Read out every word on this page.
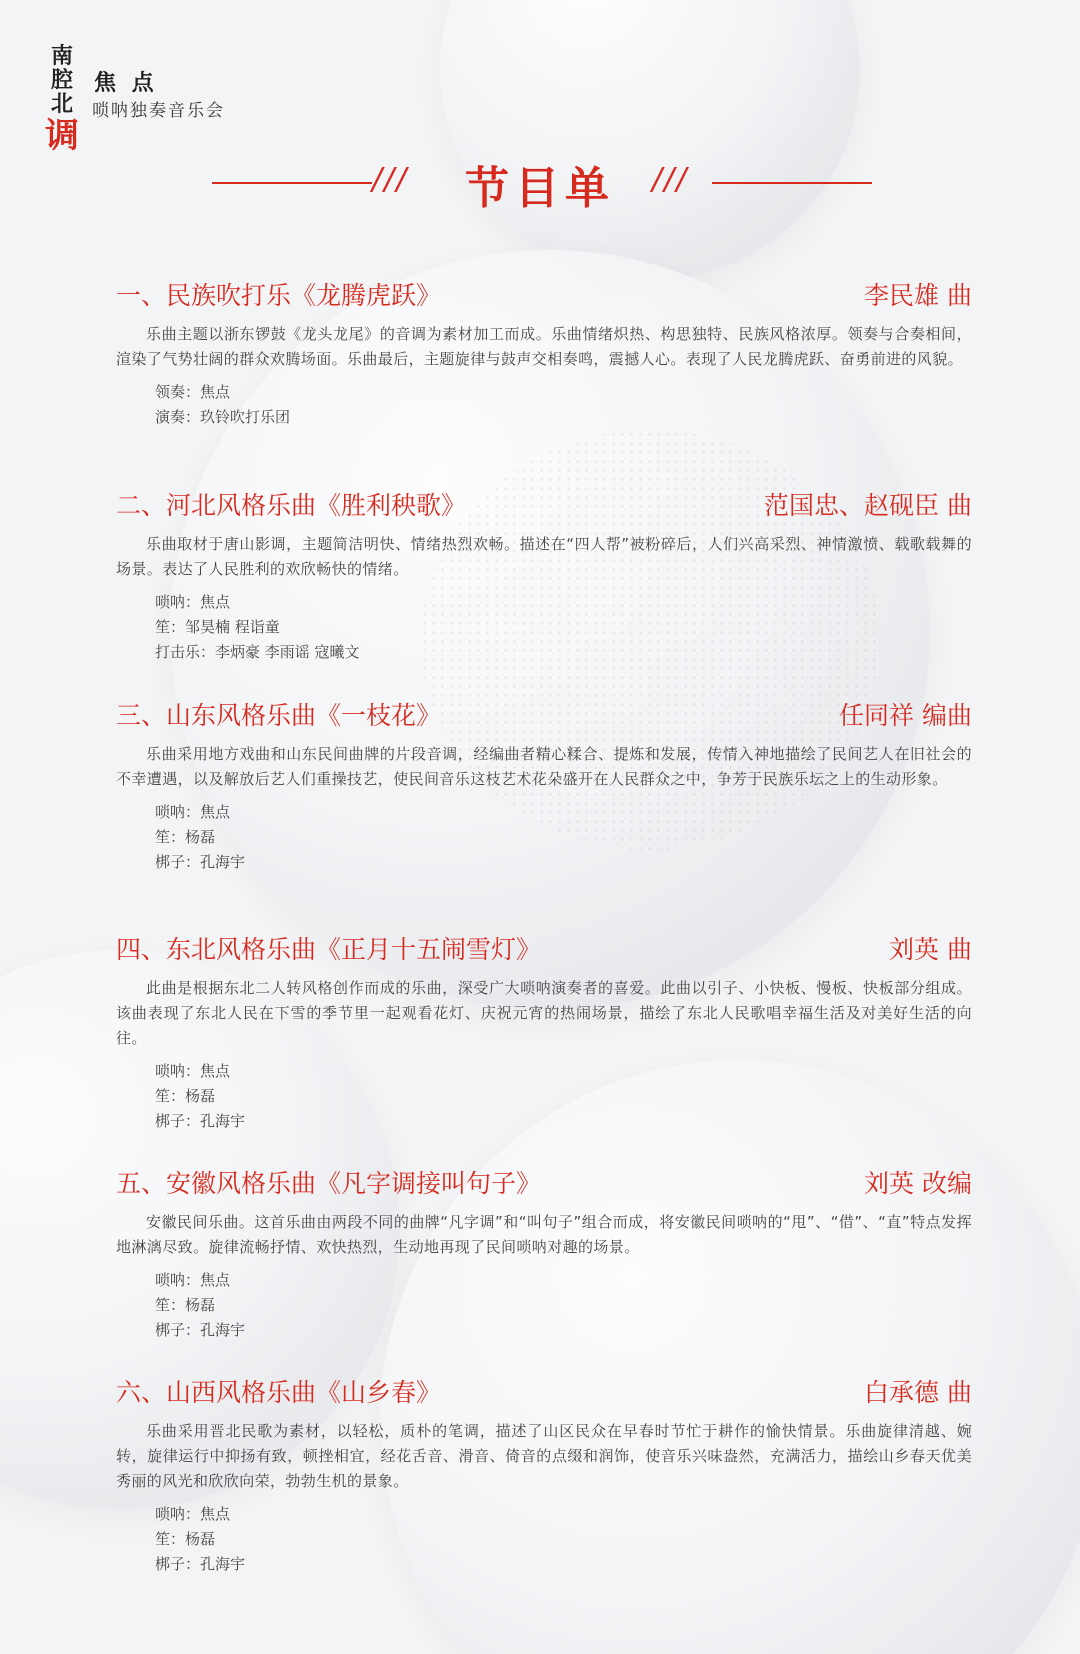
南
腔
北
调
焦 点
唢呐独奏音乐会
///	节目单	///
一、民族吹打乐《龙腾虎跃》	李民雄 曲
乐曲主题以浙东锣鼓《龙头龙尾》的音调为素材加工而成。乐曲情绪炽热、构思独特、民族风格浓厚。领奏与合奏相间，渲染了气势壮阔的群众欢腾场面。乐曲最后，主题旋律与鼓声交相奏鸣，震撼人心。表现了人民龙腾虎跃、奋勇前进的风貌。
领奏：焦点
演奏：玖铃吹打乐团
二、河北风格乐曲《胜利秧歌》	范国忠、赵砚臣 曲
乐曲取材于唐山影调，主题简洁明快、情绪热烈欢畅。描述在“四人帮”被粉碎后，人们兴高采烈、神情激愤、载歌载舞的场景。表达了人民胜利的欢欣畅快的情绪。
唢呐：焦点
笙：邹昊楠 程诣童
打击乐：李炳豪 李雨谣 寇曦文
三、山东风格乐曲《一枝花》	任同祥 编曲
乐曲采用地方戏曲和山东民间曲牌的片段音调，经编曲者精心糅合、提炼和发展，传情入神地描绘了民间艺人在旧社会的不幸遭遇，以及解放后艺人们重操技艺，使民间音乐这枝艺术花朵盛开在人民群众之中，争芳于民族乐坛之上的生动形象。
唢呐：焦点
笙：杨磊
梆子：孔海宇
四、东北风格乐曲《正月十五闹雪灯》	刘英 曲
此曲是根据东北二人转风格创作而成的乐曲，深受广大唢呐演奏者的喜爱。此曲以引子、小快板、慢板、快板部分组成。该曲表现了东北人民在下雪的季节里一起观看花灯、庆祝元宵的热闹场景，描绘了东北人民歌唱幸福生活及对美好生活的向往。
唢呐：焦点
笙：杨磊
梆子：孔海宇
五、安徽风格乐曲《凡字调接叫句子》	刘英 改编
安徽民间乐曲。这首乐曲由两段不同的曲牌“凡字调”和“叫句子”组合而成，将安徽民间唢呐的“甩”、“借”、“直”特点发挥地淋漓尽致。旋律流畅抒情、欢快热烈，生动地再现了民间唢呐对趣的场景。
唢呐：焦点
笙：杨磊
梆子：孔海宇
六、山西风格乐曲《山乡春》	白承德 曲
乐曲采用晋北民歌为素材，以轻松，质朴的笔调，描述了山区民众在早春时节忙于耕作的愉快情景。乐曲旋律清越、婉转，旋律运行中抑扬有致，顿挫相宜，经花舌音、滑音、倚音的点缀和润饰，使音乐兴味盎然，充满活力，描绘山乡春天优美秀丽的风光和欣欣向荣，勃勃生机的景象。
唢呐：焦点
笙：杨磊
梆子：孔海宇
